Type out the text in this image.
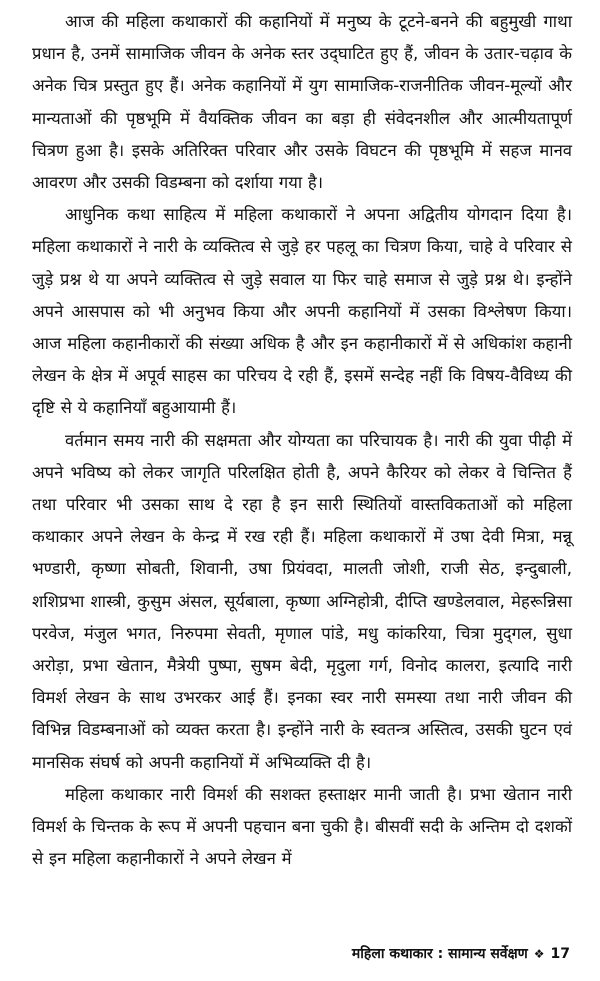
आज की महिला कथाकारों की कहानियों में मनुष्य के टूटने-बनने की बहुमुखी गाथा प्रधान है, उनमें सामाजिक जीवन के अनेक स्तर उद्‌घाटित हुए हैं, जीवन के उतार-चढ़ाव के अनेक चित्र प्रस्तुत हुए हैं। अनेक कहानियों में युग सामाजिक-राजनीतिक जीवन-मूल्यों और मान्यताओं की पृष्ठभूमि में वैयक्तिक जीवन का बड़ा ही संवेदनशील और आत्मीयतापूर्ण चित्रण हुआ है। इसके अतिरिक्त परिवार और उसके विघटन की पृष्ठभूमि में सहज मानव आवरण और उसकी विडम्बना को दर्शाया गया है।

आधुनिक कथा साहित्य में महिला कथाकारों ने अपना अद्वितीय योगदान दिया है। महिला कथाकारों ने नारी के व्यक्तित्व से जुड़े हर पहलू का चित्रण किया, चाहे वे परिवार से जुड़े प्रश्न थे या अपने व्यक्तित्व से जुड़े सवाल या फिर चाहे समाज से जुड़े प्रश्न थे। इन्होंने अपने आसपास को भी अनुभव किया और अपनी कहानियों में उसका विश्लेषण किया। आज महिला कहानीकारों की संख्या अधिक है और इन कहानीकारों में से अधिकांश कहानी लेखन के क्षेत्र में अपूर्व साहस का परिचय दे रही हैं, इसमें सन्देह नहीं कि विषय-वैविध्य की दृष्टि से ये कहानियाँ बहुआयामी हैं।

वर्तमान समय नारी की सक्षमता और योग्यता का परिचायक है। नारी की युवा पीढ़ी में अपने भविष्य को लेकर जागृति परिलक्षित होती है, अपने कैरियर को लेकर वे चिन्तित हैं तथा परिवार भी उसका साथ दे रहा है इन सारी स्थितियों वास्तविकताओं को महिला कथाकार अपने लेखन के केन्द्र में रख रही हैं। महिला कथाकारों में उषा देवी मित्रा, मन्नू भण्डारी, कृष्णा सोबती, शिवानी, उषा प्रियंवदा, मालती जोशी, राजी सेठ, इन्दुबाली, शशिप्रभा शास्त्री, कुसुम अंसल, सूर्यबाला, कृष्णा अग्निहोत्री, दीप्ति खण्डेलवाल, मेहरून्निसा परवेज, मंजुल भगत, निरुपमा सेवती, मृणाल पांडे, मधु कांकरिया, चित्रा मुद्‌गल, सुधा अरोड़ा, प्रभा खेतान, मैत्रेयी पुष्पा, सुषम बेदी, मृदुला गर्ग, विनोद कालरा, इत्यादि नारी विमर्श लेखन के साथ उभरकर आई हैं। इनका स्वर नारी समस्या तथा नारी जीवन की विभिन्न विडम्बनाओं को व्यक्त करता है। इन्होंने नारी के स्वतन्त्र अस्तित्व, उसकी घुटन एवं मानसिक संघर्ष को अपनी कहानियों में अभिव्यक्ति दी है।

महिला कथाकार नारी विमर्श की सशक्त हस्ताक्षर मानी जाती है। प्रभा खेतान नारी विमर्श के चिन्तक के रूप में अपनी पहचान बना चुकी है। बीसवीं सदी के अन्तिम दो दशकों से इन महिला कहानीकारों ने अपने लेखन में

महिला कथाकार : सामान्य सर्वेक्षण ❖ 17
